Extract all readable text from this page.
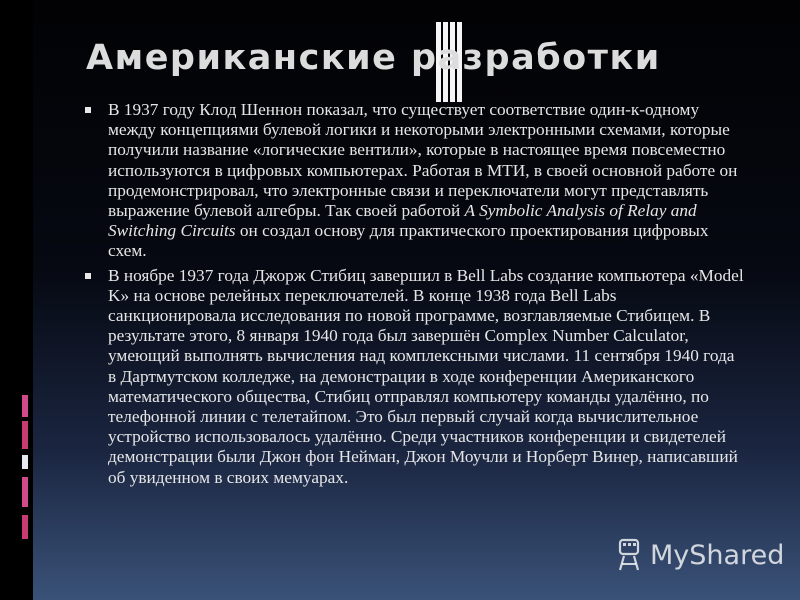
Американские разработки
В 1937 году Клод Шеннон показал, что существует соответствие один-к-одному между концепциями булевой логики и некоторыми электронными схемами, которые получили название «логические вентили», которые в настоящее время повсеместно используются в цифровых компьютерах. Работая в МТИ, в своей основной работе он продемонстрировал, что электронные связи и переключатели могут представлять выражение булевой алгебры. Так своей работой A Symbolic Analysis of Relay and Switching Circuits он создал основу для практического проектирования цифровых схем.
В ноябре 1937 года Джорж Стибиц завершил в Bell Labs создание компьютера «Model K» на основе релейных переключателей. В конце 1938 года Bell Labs санкционировала исследования по новой программе, возглавляемые Стибицем. В результате этого, 8 января 1940 года был завершён Complex Number Calculator, умеющий выполнять вычисления над комплексными числами. 11 сентября 1940 года в Дартмутском колледже, на демонстрации в ходе конференции Американского математического общества, Стибиц отправлял компьютеру команды удалённо, по телефонной линии с телетайпом. Это был первый случай когда вычислительное устройство использовалось удалённо. Среди участников конференции и свидетелей демонстрации были Джон фон Нейман, Джон Моучли и Норберт Винер, написавший об увиденном в своих мемуарах.
MyShared
